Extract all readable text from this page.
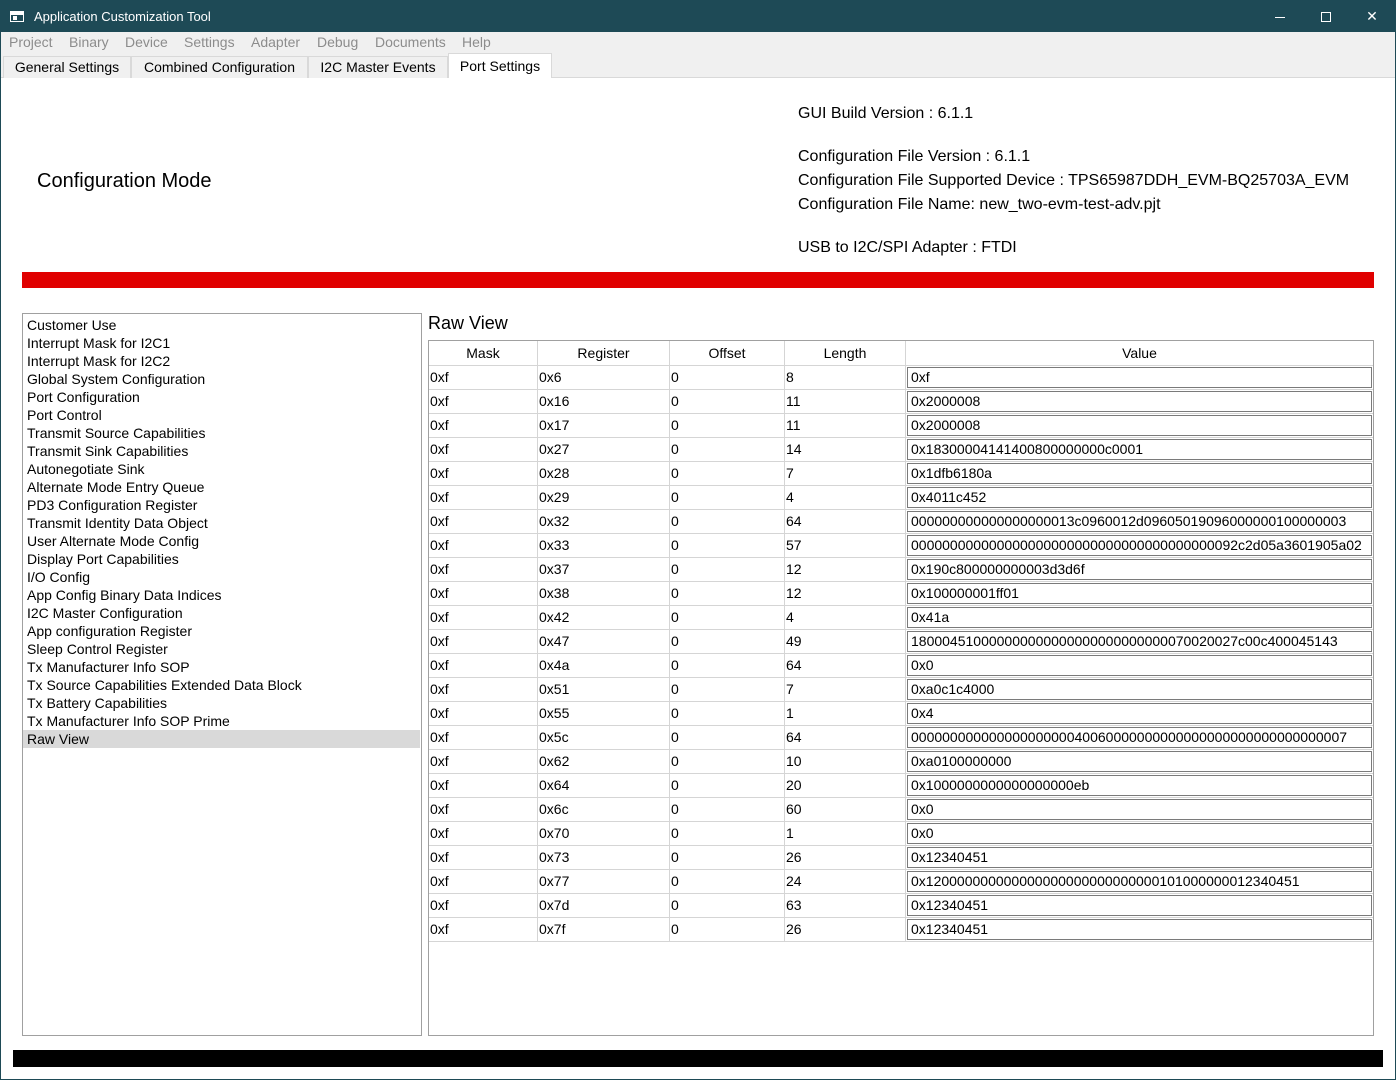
Application Customization Tool	✕
Project Binary Device Settings Adapter Debug Documents Help
General Settings	Combined Configuration	I2C Master Events	Port Settings
Configuration Mode
GUI Build Version : 6.1.1
Configuration File Version : 6.1.1
Configuration File Supported Device : TPS65987DDH_EVM-BQ25703A_EVM
Configuration File Name: new_two-evm-test-adv.pjt
USB to I2C/SPI Adapter : FTDI
Customer Use
Interrupt Mask for I2C1
Interrupt Mask for I2C2
Global System Configuration
Port Configuration
Port Control
Transmit Source Capabilities
Transmit Sink Capabilities
Autonegotiate Sink
Alternate Mode Entry Queue
PD3 Configuration Register
Transmit Identity Data Object
User Alternate Mode Config
Display Port Capabilities
I/O Config
App Config Binary Data Indices
I2C Master Configuration
App configuration Register
Sleep Control Register
Tx Manufacturer Info SOP
Tx Source Capabilities Extended Data Block
Tx Battery Capabilities
Tx Manufacturer Info SOP Prime
Raw View
Raw View
Mask	Register	Offset	Length	Value
0xf	0x6	0	8	0xf
0xf	0x16	0	11	0x2000008
0xf	0x17	0	11	0x2000008
0xf	0x27	0	14	0x18300004141400800000000c0001
0xf	0x28	0	7	0x1dfb6180a
0xf	0x29	0	4	0x4011c452
0xf	0x32	0	64	000000000000000000013c0960012d09605019096000000100000003
0xf	0x33	0	57	000000000000000000000000000000000000000092c2d05a3601905a02
0xf	0x37	0	12	0x190c800000000003d3d6f
0xf	0x38	0	12	0x100000001ff01
0xf	0x42	0	4	0x41a
0xf	0x47	0	49	180004510000000000000000000000000070020027c00c400045143
0xf	0x4a	0	64	0x0
0xf	0x51	0	7	0xa0c1c4000
0xf	0x55	0	1	0x4
0xf	0x5c	0	64	00000000000000000000040060000000000000000000000000000007
0xf	0x62	0	10	0xa0100000000
0xf	0x64	0	20	0x1000000000000000000eb
0xf	0x6c	0	60	0x0
0xf	0x70	0	1	0x0
0xf	0x73	0	26	0x12340451
0xf	0x77	0	24	0x120000000000000000000000000000101000000012340451
0xf	0x7d	0	63	0x12340451
0xf	0x7f	0	26	0x12340451
